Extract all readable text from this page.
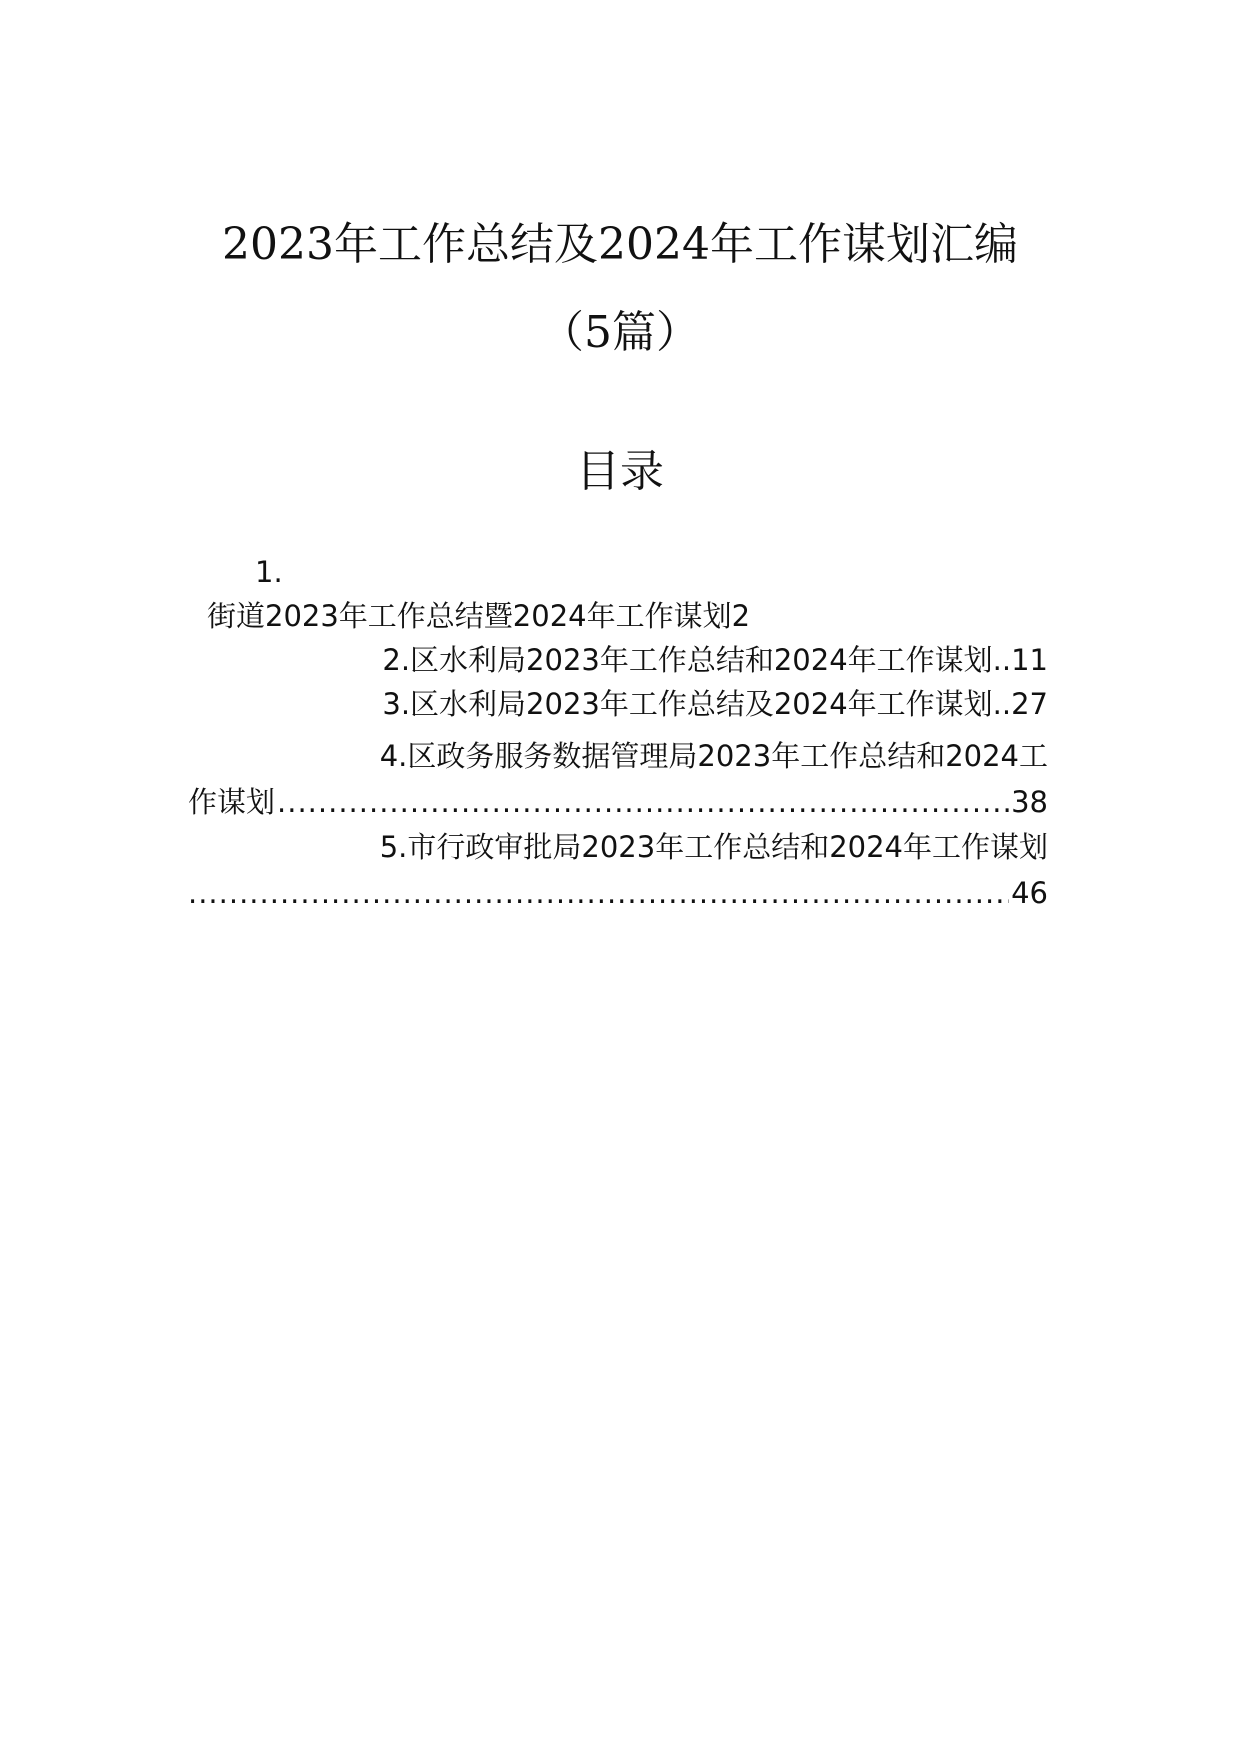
2023年工作总结及2024年工作谋划汇编
（5篇）
目录
1.
街道2023年工作总结暨2024年工作谋划2
2.区水利局2023年工作总结和2024年工作谋划..11
3.区水利局2023年工作总结及2024年工作谋划..27
4.区政务服务数据管理局2023年工作总结和2024工
作谋划
.....	38
5.市行政审批局2023年工作总结和2024年工作谋划
.....
46
